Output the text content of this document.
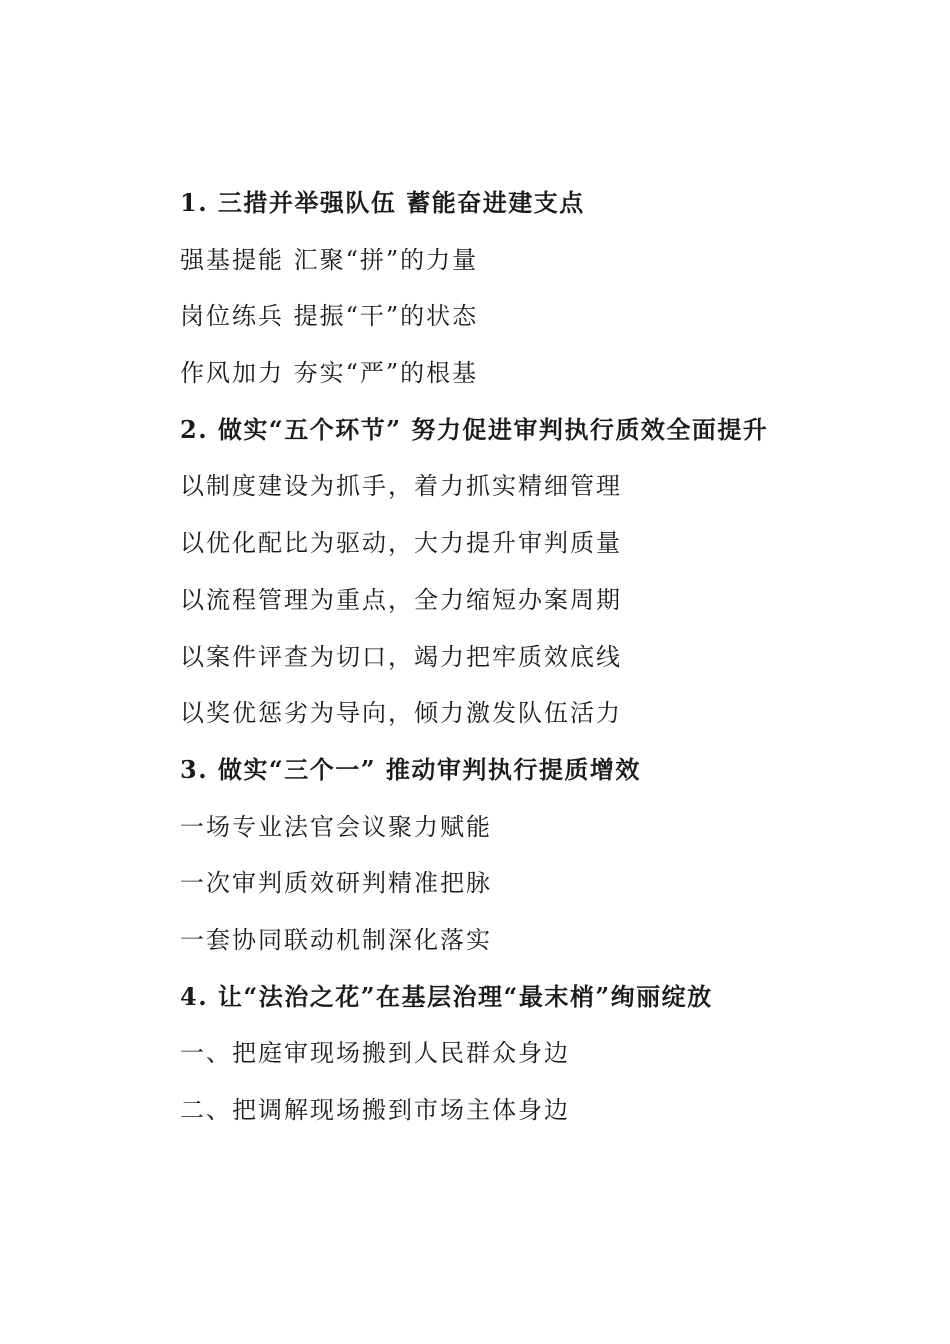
1. 三措并举强队伍 蓄能奋进建支点
强基提能 汇聚“拼”的力量
岗位练兵 提振“干”的状态
作风加力 夯实“严”的根基
2. 做实“五个环节” 努力促进审判执行质效全面提升
以制度建设为抓手，着力抓实精细管理
以优化配比为驱动，大力提升审判质量
以流程管理为重点，全力缩短办案周期
以案件评查为切口，竭力把牢质效底线
以奖优惩劣为导向，倾力激发队伍活力
3. 做实“三个一” 推动审判执行提质增效
一场专业法官会议聚力赋能
一次审判质效研判精准把脉
一套协同联动机制深化落实
4. 让“法治之花”在基层治理“最末梢”绚丽绽放
一、把庭审现场搬到人民群众身边
二、把调解现场搬到市场主体身边
